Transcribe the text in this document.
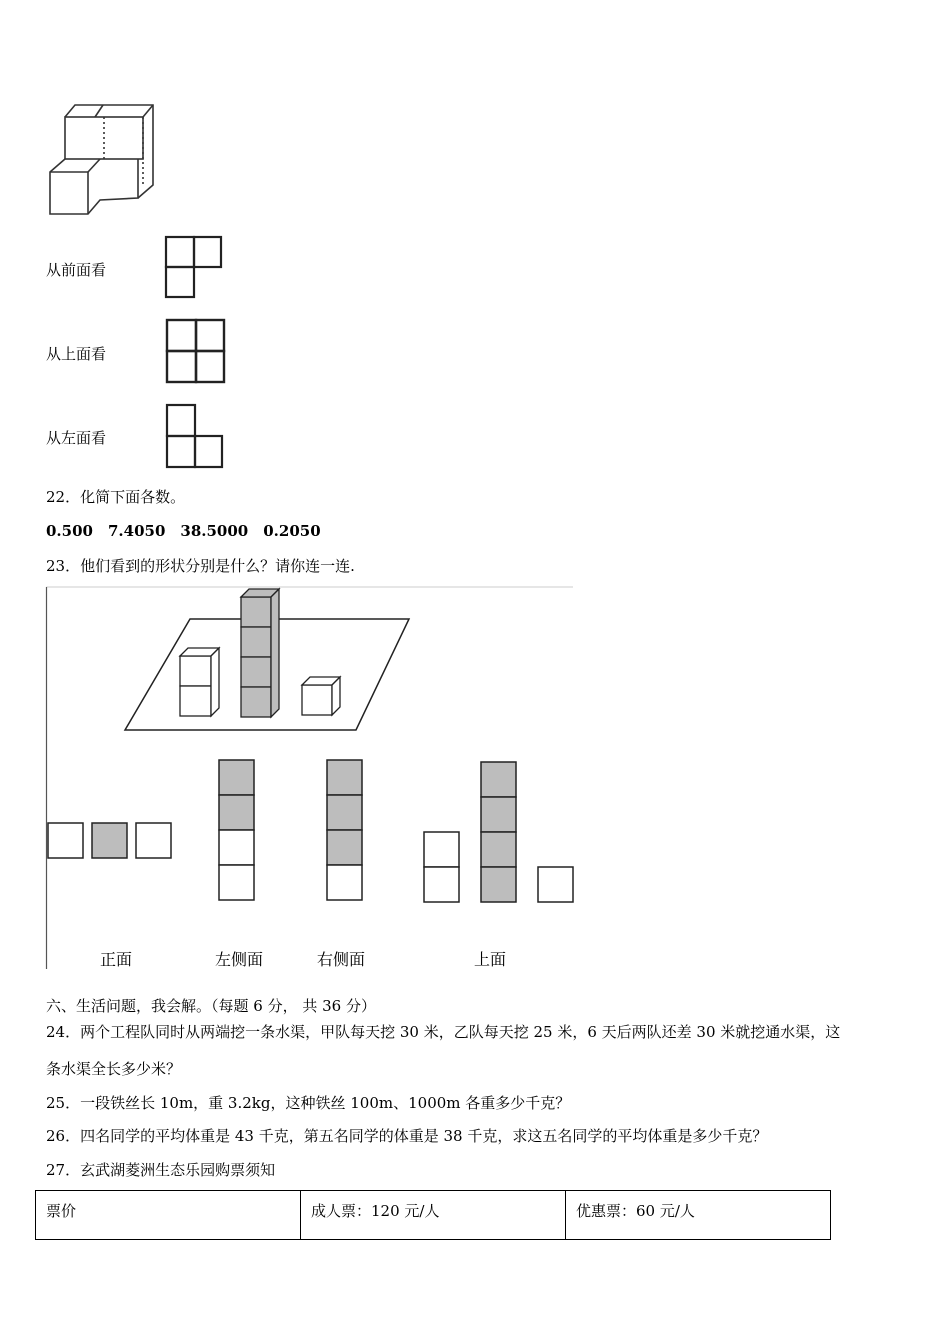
从前面看
从上面看
从左面看
22．化简下面各数。
0.500　7.4050　38.5000　0.2050
23．他们看到的形状分别是什么？请你连一连.
正面	左侧面	右侧面	上面
六、生活问题，我会解。（每题 6 分， 共 36 分）
24．两个工程队同时从两端挖一条水渠，甲队每天挖 30 米，乙队每天挖 25 米，6 天后两队还差 30 米就挖通水渠，这
条水渠全长多少米？
25．一段铁丝长 10m，重 3.2kg，这种铁丝 100m、1000m 各重多少千克？
26．四名同学的平均体重是 43 千克，第五名同学的体重是 38 千克，求这五名同学的平均体重是多少千克？
27．玄武湖菱洲生态乐园购票须知
票价	成人票：120 元/人	优惠票：60 元/人
